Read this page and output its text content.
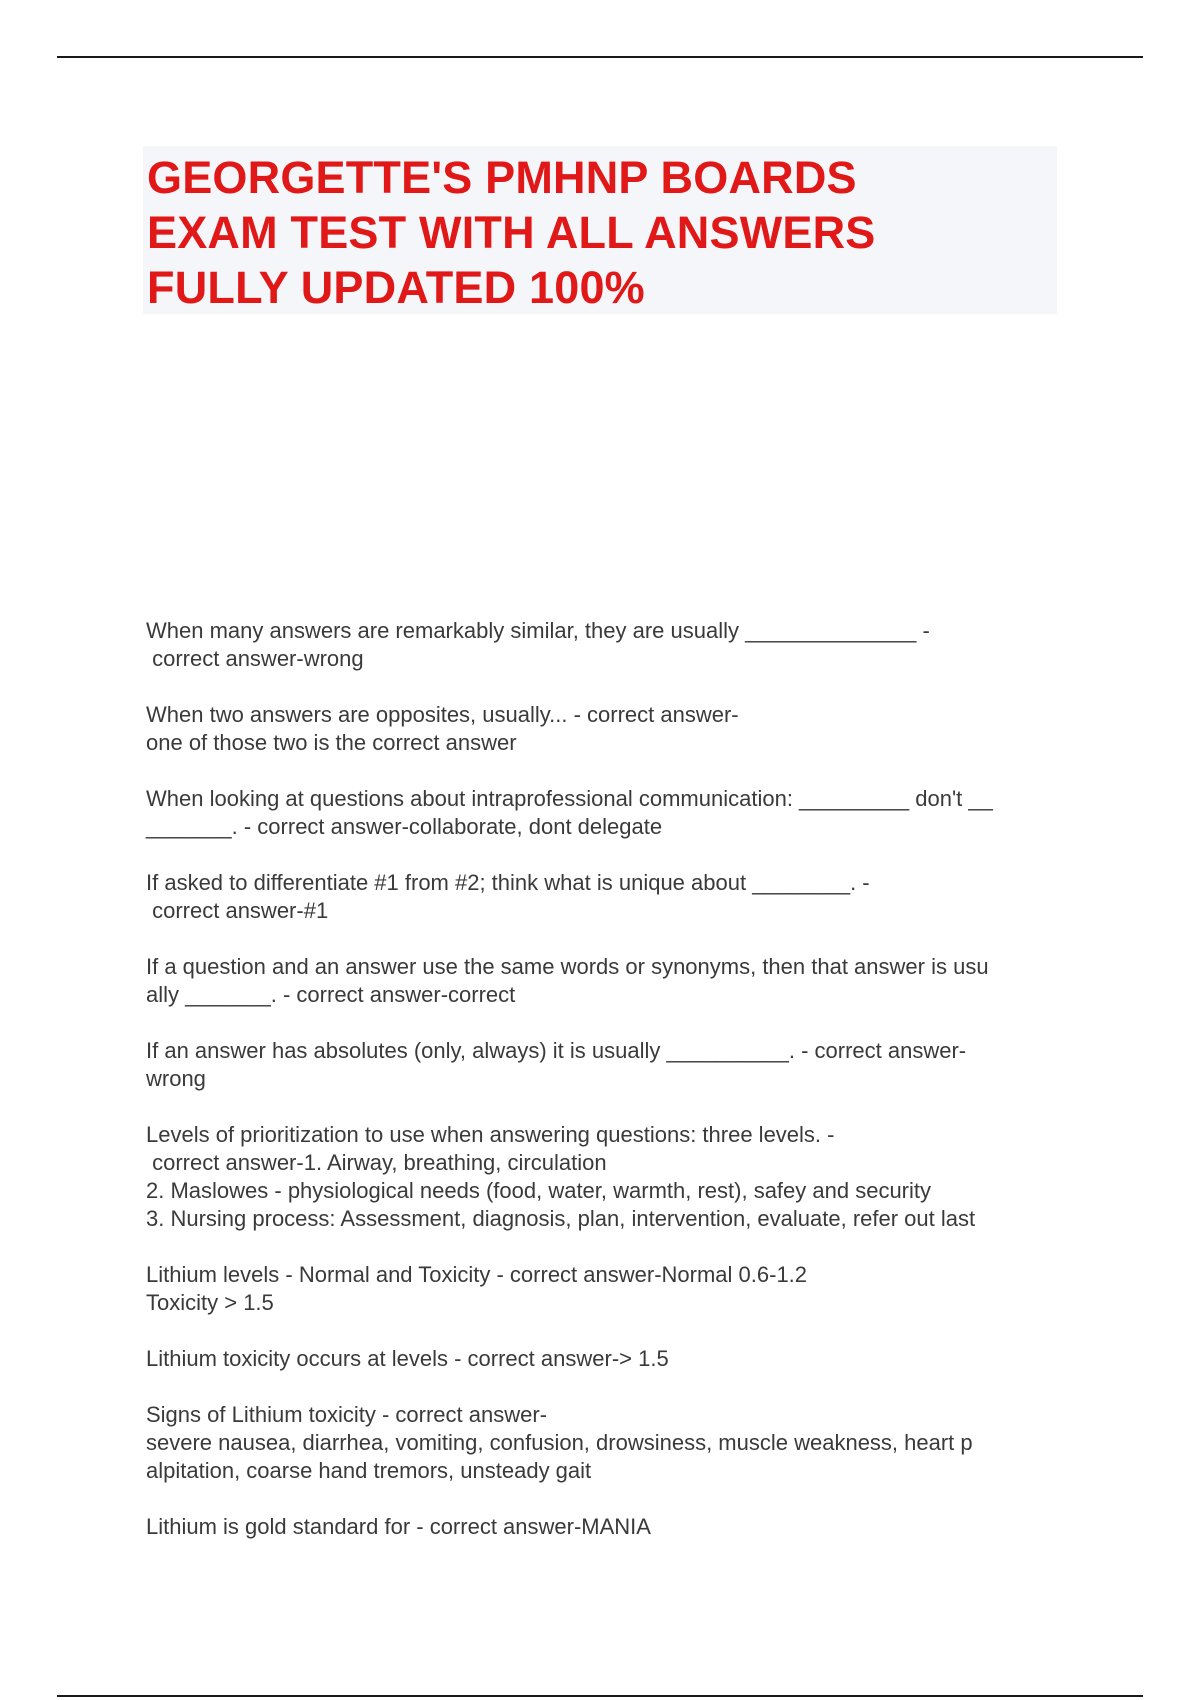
GEORGETTE'S PMHNP BOARDS
EXAM TEST WITH ALL ANSWERS
FULLY UPDATED 100%
When many answers are remarkably similar, they are usually ______________ -
correct answer-wrong
When two answers are opposites, usually... - correct answer-
one of those two is the correct answer
When looking at questions about intraprofessional communication: _________ don't __
_______. - correct answer-collaborate, dont delegate
If asked to differentiate #1 from #2; think what is unique about ________. -
correct answer-#1
If a question and an answer use the same words or synonyms, then that answer is usu
ally _______. - correct answer-correct
If an answer has absolutes (only, always) it is usually __________. - correct answer-
wrong
Levels of prioritization to use when answering questions: three levels. -
correct answer-1. Airway, breathing, circulation
2. Maslowes - physiological needs (food, water, warmth, rest), safey and security
3. Nursing process: Assessment, diagnosis, plan, intervention, evaluate, refer out last
Lithium levels - Normal and Toxicity - correct answer-Normal 0.6-1.2
Toxicity > 1.5
Lithium toxicity occurs at levels - correct answer-> 1.5
Signs of Lithium toxicity - correct answer-
severe nausea, diarrhea, vomiting, confusion, drowsiness, muscle weakness, heart p
alpitation, coarse hand tremors, unsteady gait
Lithium is gold standard for - correct answer-MANIA
